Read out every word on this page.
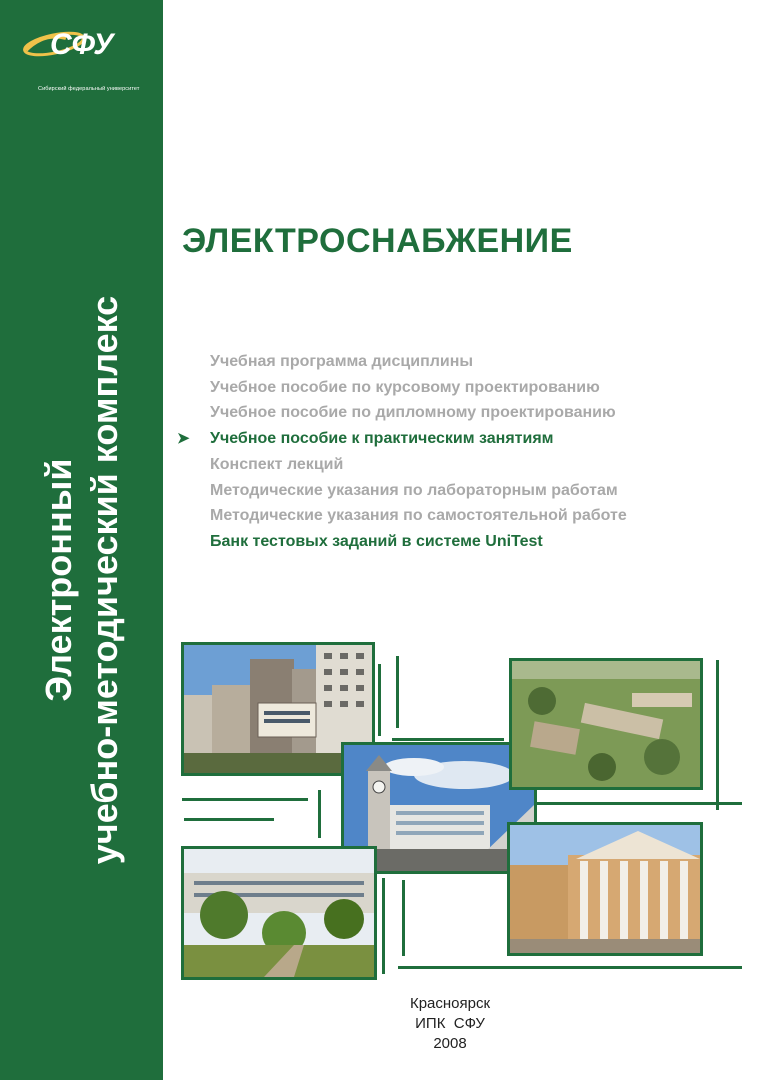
СФУ
Сибирский федеральный университет
Электронный учебно-методический комплекс
ЭЛЕКТРОСНАБЖЕНИЕ
Учебная программа дисциплины
Учебное пособие по курсовому проектированию
Учебное пособие по дипломному проектированию
➤ Учебное пособие к практическим занятиям
Конспект лекций
Методические указания по лабораторным работам
Методические указания по самостоятельной работе
Банк тестовых заданий в системе UniTest
Красноярск
ИПК  СФУ
2008
